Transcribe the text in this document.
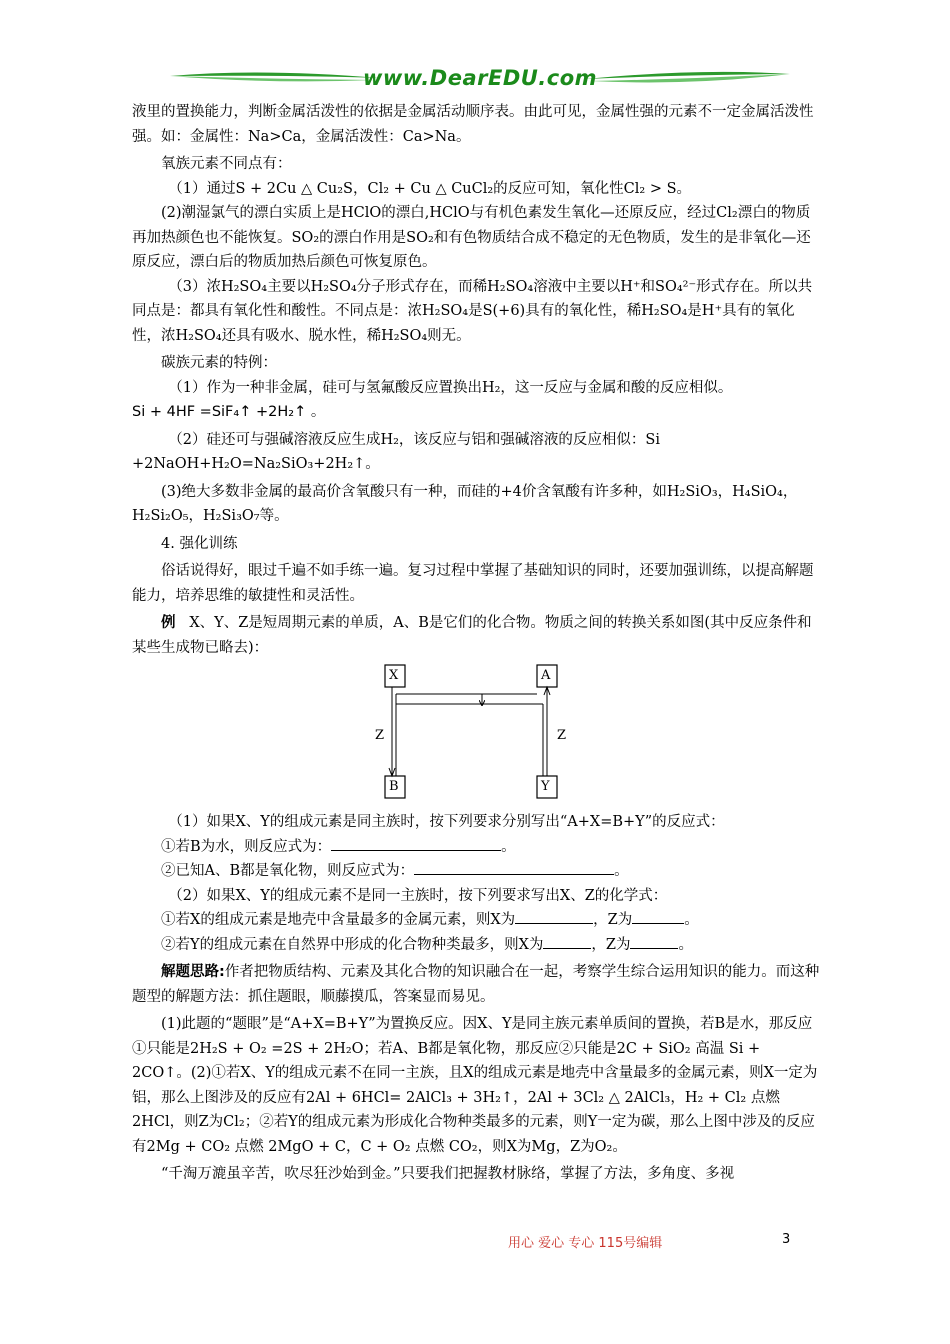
www.DearEDU.com

液里的置换能力，判断金属活泼性的依据是金属活动顺序表。由此可见，金属性强的元素不一定金属活泼性强。如：金属性：Na>Ca，金属活泼性：Ca>Na。

氧族元素不同点有：

（1）通过S + 2Cu △ Cu₂S，Cl₂ + Cu △ CuCl₂的反应可知，氧化性Cl₂ > S。

(2)潮湿氯气的漂白实质上是HClO的漂白,HClO与有机色素发生氧化—还原反应，经过Cl₂漂白的物质再加热颜色也不能恢复。SO₂的漂白作用是SO₂和有色物质结合成不稳定的无色物质，发生的是非氧化—还原反应，漂白后的物质加热后颜色可恢复原色。

（3）浓H₂SO₄主要以H₂SO₄分子形式存在，而稀H₂SO₄溶液中主要以H⁺和SO₄²⁻形式存在。所以共同点是：都具有氧化性和酸性。不同点是：浓H₂SO₄是S(+6)具有的氧化性，稀H₂SO₄是H⁺具有的氧化性，浓H₂SO₄还具有吸水、脱水性，稀H₂SO₄则无。

碳族元素的特例：

（1）作为一种非金属，硅可与氢氟酸反应置换出H₂，这一反应与金属和酸的反应相似。

Si + 4HF =SiF₄↑ +2H₂↑ 。

（2）硅还可与强碱溶液反应生成H₂，该反应与铝和强碱溶液的反应相似：Si +2NaOH+H₂O=Na₂SiO₃+2H₂↑。

(3)绝大多数非金属的最高价含氧酸只有一种，而硅的+4价含氧酸有许多种，如H₂SiO₃，H₄SiO₄，H₂Si₂O₅，H₂Si₃O₇等。

4. 强化训练

俗话说得好，眼过千遍不如手练一遍。复习过程中掌握了基础知识的同时，还要加强训练，以提高解题能力，培养思维的敏捷性和灵活性。

例 X、Y、Z是短周期元素的单质，A、B是它们的化合物。物质之间的转换关系如图(其中反应条件和某些生成物已略去)：

X	A
B	Y
Z	Z

（1）如果X、Y的组成元素是同主族时，按下列要求分别写出“A+X=B+Y”的反应式：

①若B为水，则反应式为：	。

②已知A、B都是氧化物，则反应式为：	。

（2）如果X、Y的组成元素不是同一主族时，按下列要求写出X、Z的化学式：

①若X的组成元素是地壳中含量最多的金属元素，则X为	，Z为	。

②若Y的组成元素在自然界中形成的化合物种类最多，则X为	，Z为	。

解题思路:作者把物质结构、元素及其化合物的知识融合在一起，考察学生综合运用知识的能力。而这种题型的解题方法：抓住题眼，顺藤摸瓜，答案显而易见。

(1)此题的“题眼”是“A+X=B+Y”为置换反应。因X、Y是同主族元素单质间的置换，若B是水，那反应①只能是2H₂S + O₂ =2S + 2H₂O；若A、B都是氧化物，那反应②只能是2C + SiO₂ 高温 Si + 2CO↑。(2)①若X、Y的组成元素不在同一主族，且X的组成元素是地壳中含量最多的金属元素，则X一定为铝，那么上图涉及的反应有2Al + 6HCl= 2AlCl₃ + 3H₂↑，2Al + 3Cl₂ △ 2AlCl₃，H₂ + Cl₂ 点燃 2HCl，则Z为Cl₂；②若Y的组成元素为形成化合物种类最多的元素，则Y一定为碳，那么上图中涉及的反应有2Mg + CO₂ 点燃 2MgO + C，C + O₂ 点燃 CO₂，则X为Mg，Z为O₂。

“千淘万漉虽辛苦，吹尽狂沙始到金。”只要我们把握教材脉络，掌握了方法，多角度、多视

用心 爱心 专心 115号编辑	3
